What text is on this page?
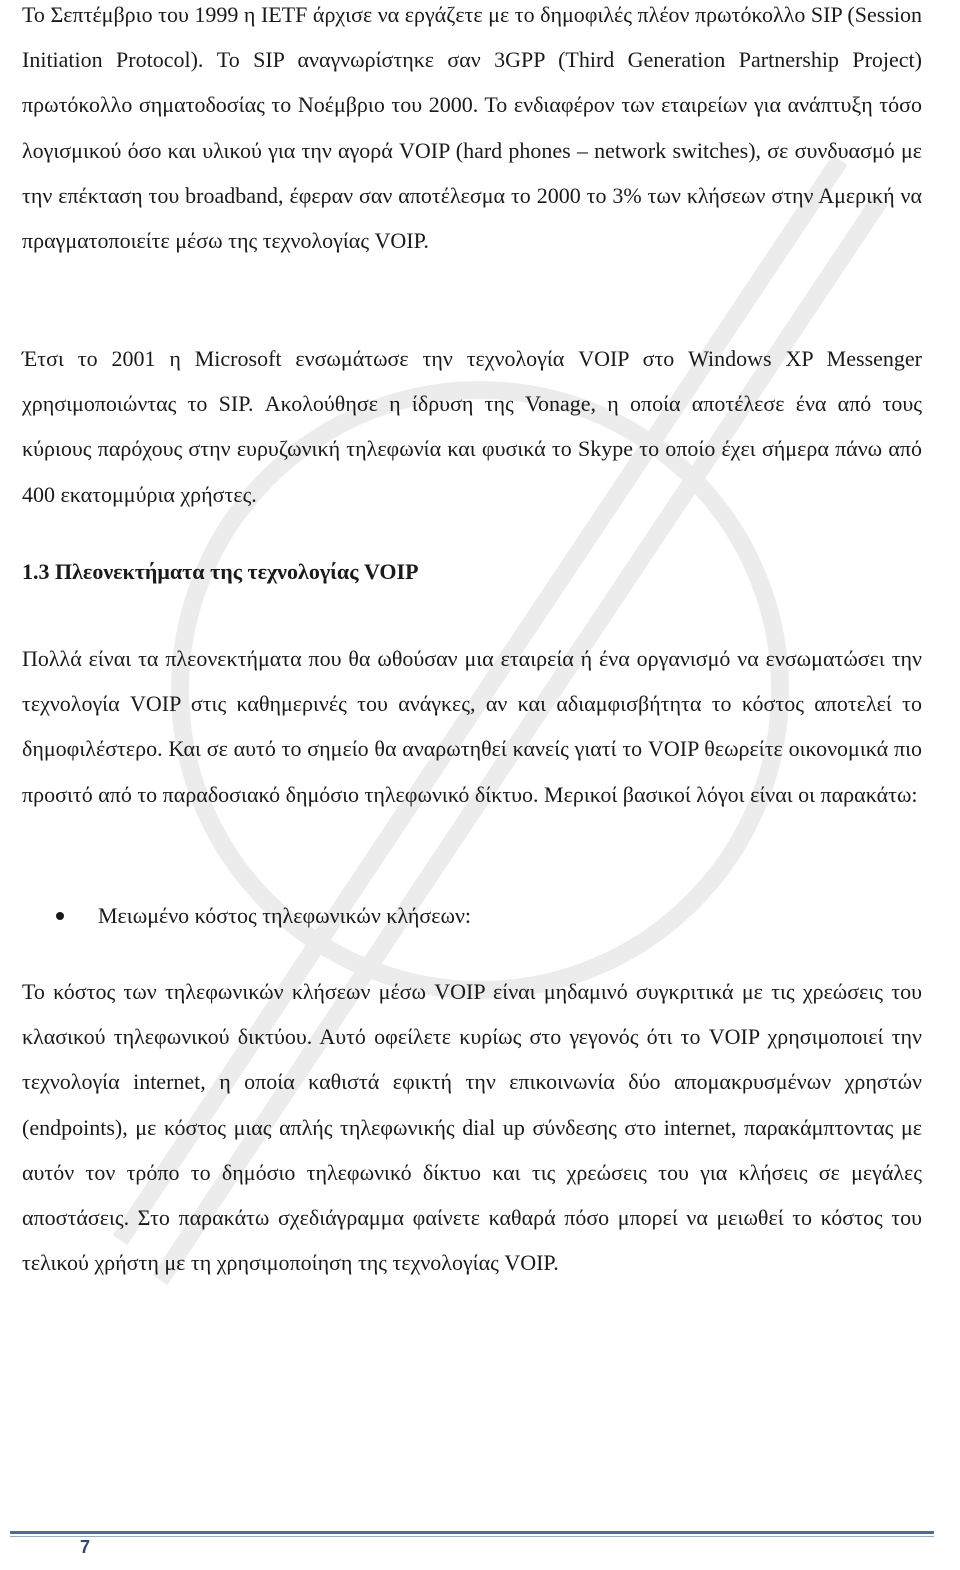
Το Σεπτέμβριο του 1999 η IETF άρχισε να εργάζετε με το δημοφιλές πλέον πρωτόκολλο SIP (Session Initiation Protocol). Το SIP αναγνωρίστηκε σαν 3GPP (Third Generation Partnership Project) πρωτόκολλο σηματοδοσίας το Νοέμβριο του 2000. Το ενδιαφέρον των εταιρείων για ανάπτυξη τόσο λογισμικού όσο και υλικού για την αγορά VOIP (hard phones – network switches), σε συνδυασμό με την επέκταση του broadband, έφεραν σαν αποτέλεσμα το 2000 το 3% των κλήσεων στην Αμερική να πραγματοποιείτε μέσω της τεχνολογίας VOIP.

Έτσι το 2001 η Microsoft ενσωμάτωσε την τεχνολογία VOIP στο Windows XP Messenger χρησιμοποιώντας το SIP. Ακολούθησε η ίδρυση της Vonage, η οποία αποτέλεσε ένα από τους κύριους παρόχους στην ευρυζωνική τηλεφωνία και φυσικά το Skype το οποίο έχει σήμερα πάνω από 400 εκατομμύρια χρήστες.

1.3 Πλεονεκτήματα της τεχνολογίας VOIP

Πολλά είναι τα πλεονεκτήματα που θα ωθούσαν μια εταιρεία ή ένα οργανισμό να ενσωματώσει την τεχνολογία VOIP στις καθημερινές του ανάγκες, αν και αδιαμφισβήτητα το κόστος αποτελεί το δημοφιλέστερο. Και σε αυτό το σημείο θα αναρωτηθεί κανείς γιατί το VOIP θεωρείτε οικονομικά πιο προσιτό από το παραδοσιακό δημόσιο τηλεφωνικό δίκτυο. Μερικοί βασικοί λόγοι είναι οι παρακάτω:

Μειωμένο κόστος τηλεφωνικών κλήσεων:

Το κόστος των τηλεφωνικών κλήσεων μέσω VOIP είναι μηδαμινό συγκριτικά με τις χρεώσεις του κλασικού τηλεφωνικού δικτύου. Αυτό οφείλετε κυρίως στο γεγονός ότι το VOIP χρησιμοποιεί την τεχνολογία internet, η οποία καθιστά εφικτή την επικοινωνία δύο απομακρυσμένων χρηστών (endpoints), με κόστος μιας απλής τηλεφωνικής dial up σύνδεσης στο internet, παρακάμπτοντας με αυτόν τον τρόπο το δημόσιο τηλεφωνικό δίκτυο και τις χρεώσεις του για κλήσεις σε μεγάλες αποστάσεις. Στο παρακάτω σχεδιάγραμμα φαίνετε καθαρά πόσο μπορεί να μειωθεί το κόστος του τελικού χρήστη με τη χρησιμοποίηση της τεχνολογίας VOIP.

7
